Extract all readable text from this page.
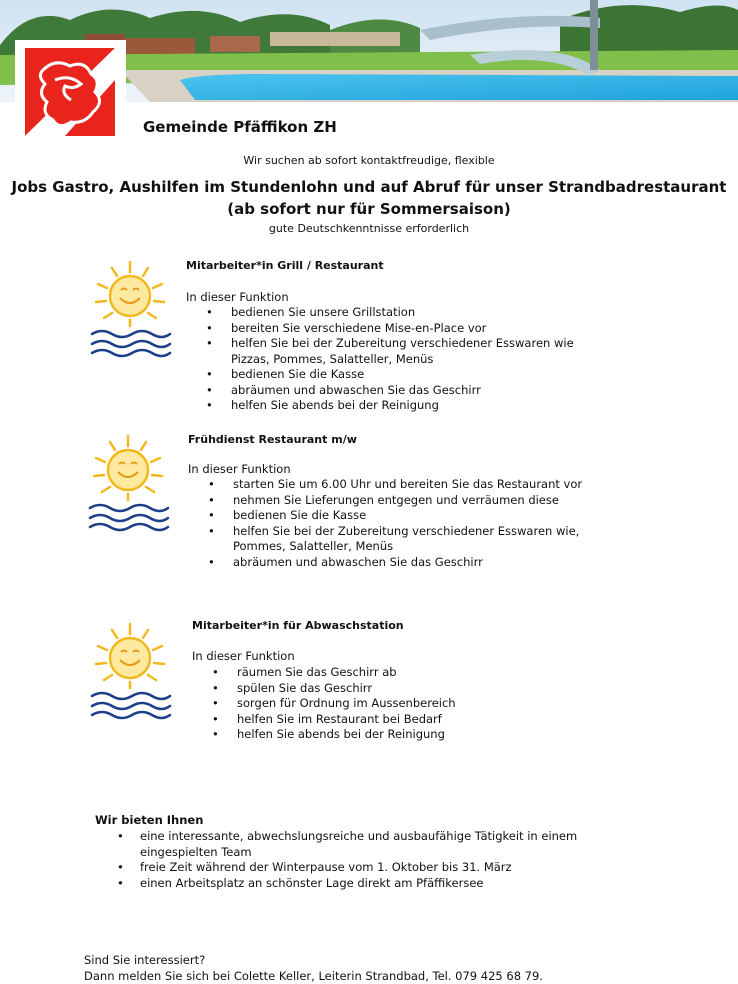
Gemeinde Pfäffikon ZH
Wir suchen ab sofort kontaktfreudige, flexible
Jobs Gastro, Aushilfen im Stundenlohn und auf Abruf für unser Strandbadrestaurant
(ab sofort nur für Sommersaison)
gute Deutschkenntnisse erforderlich
Mitarbeiter*in Grill / Restaurant
In dieser Funktion
• bedienen Sie unsere Grillstation
• bereiten Sie verschiedene Mise-en-Place vor
• helfen Sie bei der Zubereitung verschiedener Esswaren wie Pizzas, Pommes, Salatteller, Menüs
• bedienen Sie die Kasse
• abräumen und abwaschen Sie das Geschirr
• helfen Sie abends bei der Reinigung
Frühdienst Restaurant m/w
In dieser Funktion
• starten Sie um 6.00 Uhr und bereiten Sie das Restaurant vor
• nehmen Sie Lieferungen entgegen und verräumen diese
• bedienen Sie die Kasse
• helfen Sie bei der Zubereitung verschiedener Esswaren wie, Pommes, Salatteller, Menüs
• abräumen und abwaschen Sie das Geschirr
Mitarbeiter*in für Abwaschstation
In dieser Funktion
• räumen Sie das Geschirr ab
• spülen Sie das Geschirr
• sorgen für Ordnung im Aussenbereich
• helfen Sie im Restaurant bei Bedarf
• helfen Sie abends bei der Reinigung
Wir bieten Ihnen
• eine interessante, abwechslungsreiche und ausbaufähige Tätigkeit in einem eingespielten Team
• freie Zeit während der Winterpause vom 1. Oktober bis 31. März
• einen Arbeitsplatz an schönster Lage direkt am Pfäffikersee
Sind Sie interessiert?
Dann melden Sie sich bei Colette Keller, Leiterin Strandbad, Tel. 079 425 68 79.
